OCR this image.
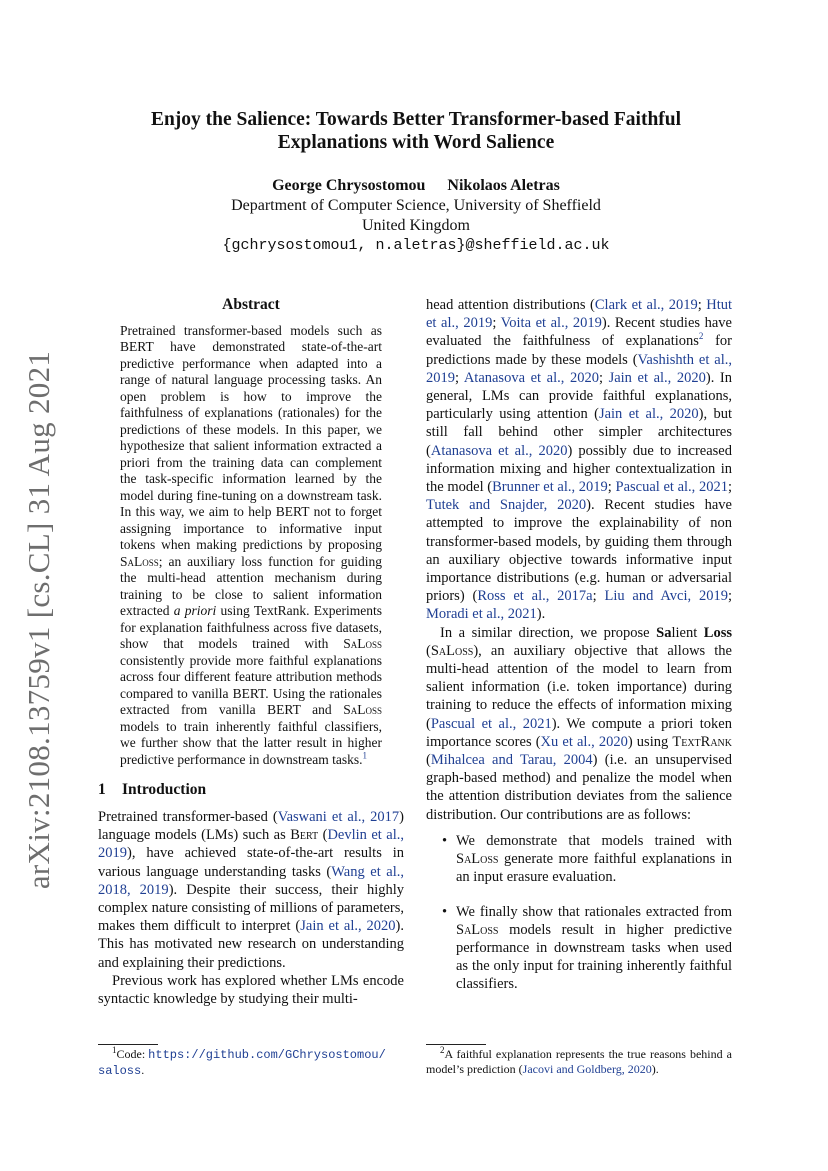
arXiv:2108.13759v1 [cs.CL] 31 Aug 2021
Enjoy the Salience: Towards Better Transformer-based Faithful
Explanations with Word Salience
George Chrysostomou Nikolaos Aletras
Department of Computer Science, University of Sheffield
United Kingdom
{gchrysostomou1, n.aletras}@sheffield.ac.uk
Abstract
Pretrained transformer-based models such as BERT have demonstrated state-of-the-art predictive performance when adapted into a range of natural language processing tasks. An open problem is how to improve the faithfulness of explanations (rationales) for the predictions of these models. In this paper, we hypothesize that salient information extracted a priori from the training data can complement the task-specific information learned by the model during fine-tuning on a downstream task. In this way, we aim to help BERT not to forget assigning importance to informative input tokens when making predictions by proposing SaLoss; an auxiliary loss function for guiding the multi-head attention mechanism during training to be close to salient information extracted a priori using TextRank. Experiments for explanation faithfulness across five datasets, show that models trained with SaLoss consistently provide more faithful explanations across four different feature attribution methods compared to vanilla BERT. Using the rationales extracted from vanilla BERT and SaLoss models to train inherently faithful classifiers, we further show that the latter result in higher predictive performance in downstream tasks.$^1$
1 Introduction

Pretrained transformer-based (Vaswani et al., 2017) language models (LMs) such as Bert (Devlin et al., 2019), have achieved state-of-the-art results in various language understanding tasks (Wang et al., 2018, 2019). Despite their success, their highly complex nature consisting of millions of parameters, makes them difficult to interpret (Jain et al., 2020). This has motivated new research on understanding and explaining their predictions.

Previous work has explored whether LMs encode syntactic knowledge by studying their multi-

head attention distributions (Clark et al., 2019; Htut et al., 2019; Voita et al., 2019). Recent studies have evaluated the faithfulness of explanations$^2$ for predictions made by these models (Vashishth et al., 2019; Atanasova et al., 2020; Jain et al., 2020). In general, LMs can provide faithful explanations, particularly using attention (Jain et al., 2020), but still fall behind other simpler architectures (Atanasova et al., 2020) possibly due to increased information mixing and higher contextualization in the model (Brunner et al., 2019; Pascual et al., 2021; Tutek and Snajder, 2020). Recent studies have attempted to improve the explainability of non transformer-based models, by guiding them through an auxiliary objective towards informative input importance distributions (e.g. human or adversarial priors) (Ross et al., 2017a; Liu and Avci, 2019; Moradi et al., 2021).

In a similar direction, we propose Salient Loss (SaLoss), an auxiliary objective that allows the multi-head attention of the model to learn from salient information (i.e. token importance) during training to reduce the effects of information mixing (Pascual et al., 2021). We compute a priori token importance scores (Xu et al., 2020) using TextRank (Mihalcea and Tarau, 2004) (i.e. an unsupervised graph-based method) and penalize the model when the attention distribution deviates from the salience distribution. Our contributions are as follows:

• We demonstrate that models trained with SaLoss generate more faithful explanations in an input erasure evaluation.
• We finally show that rationales extracted from SaLoss models result in higher predictive performance in downstream tasks when used as the only input for training inherently faithful classifiers.
$^1$Code: https://github.com/GChrysostomou/
saloss.
$^2$A faithful explanation represents the true reasons behind a model’s prediction (Jacovi and Goldberg, 2020).
